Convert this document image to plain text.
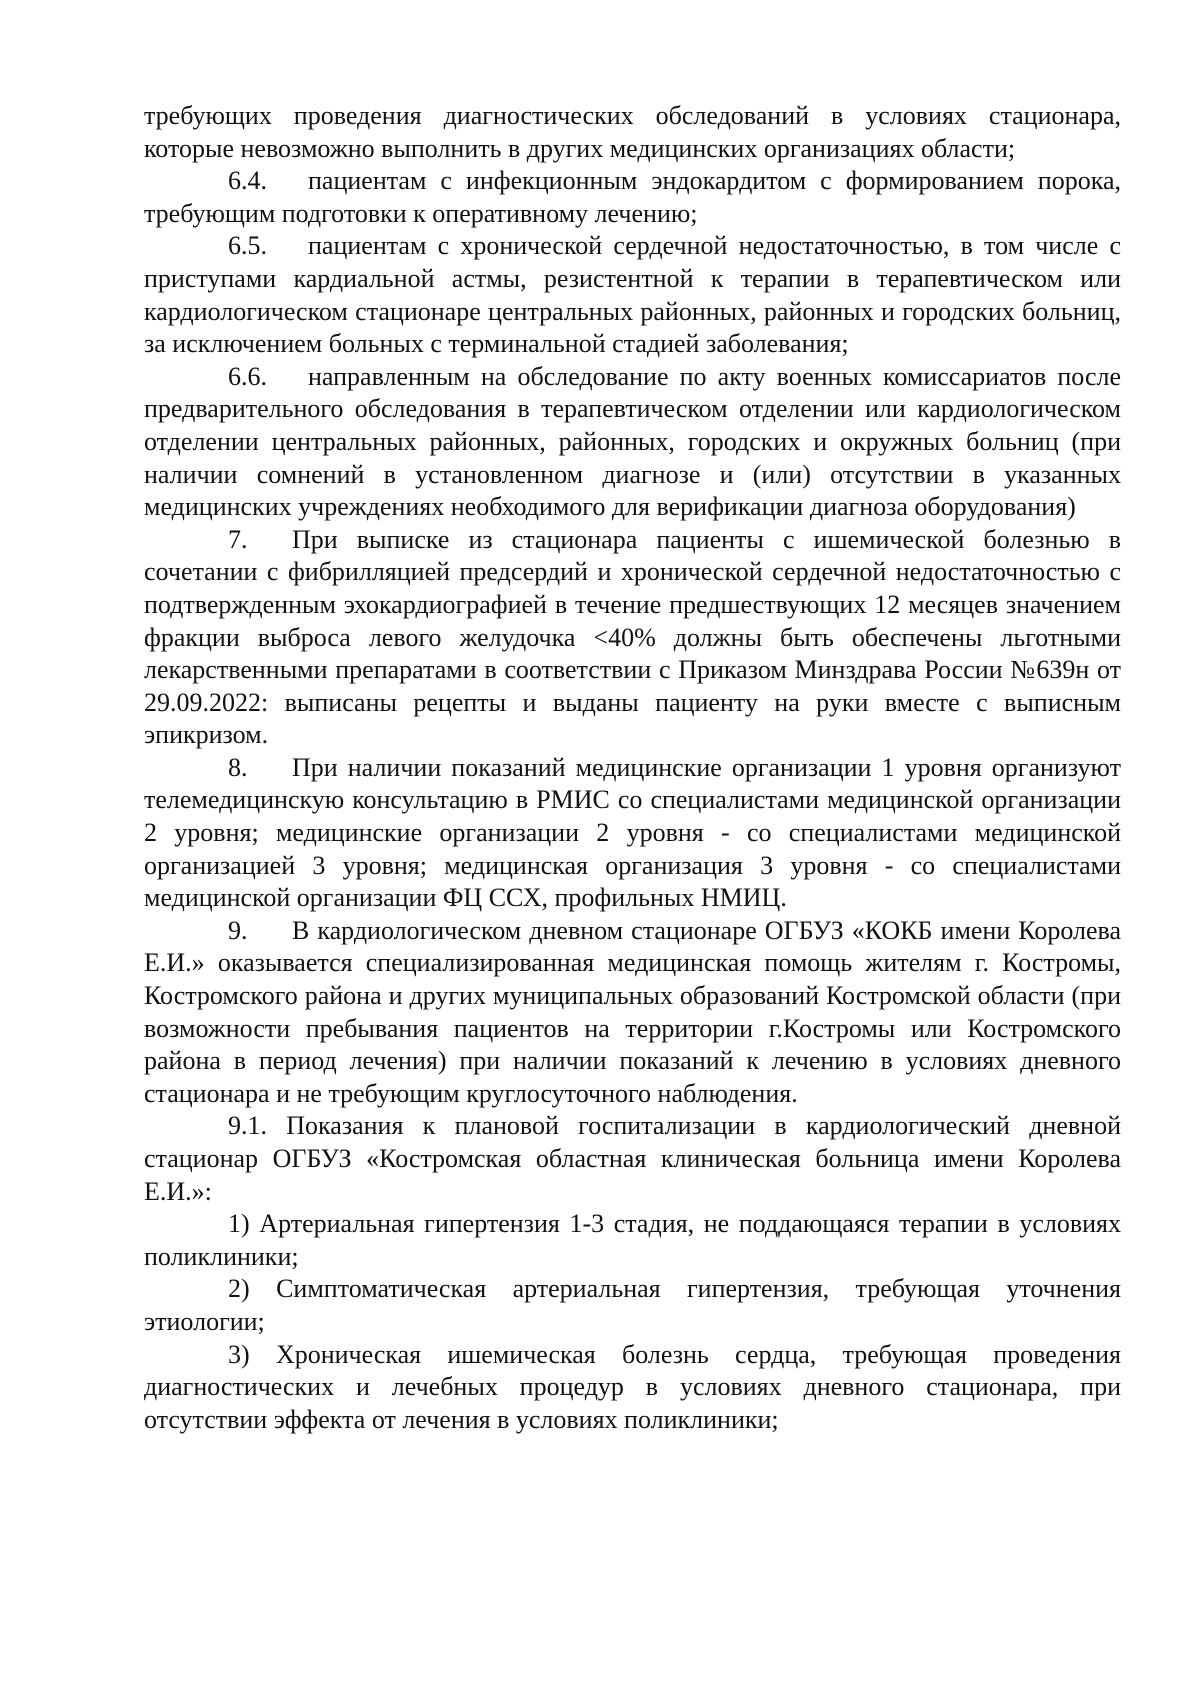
требующих проведения диагностических обследований в условиях стационара, которые невозможно выполнить в других медицинских организациях области;

6.4. пациентам с инфекционным эндокардитом с формированием порока, требующим подготовки к оперативному лечению;

6.5. пациентам с хронической сердечной недостаточностью, в том числе с приступами кардиальной астмы, резистентной к терапии в терапевтическом или кардиологическом стационаре центральных районных, районных и городских больниц, за исключением больных с терминальной стадией заболевания;

6.6. направленным на обследование по акту военных комиссариатов после предварительного обследования в терапевтическом отделении или кардиологическом отделении центральных районных, районных, городских и окружных больниц (при наличии сомнений в установленном диагнозе и (или) отсутствии в указанных медицинских учреждениях необходимого для верификации диагноза оборудования)

7. При выписке из стационара пациенты с ишемической болезнью в сочетании с фибрилляцией предсердий и хронической сердечной недостаточностью с подтвержденным эхокардиографией в течение предшествующих 12 месяцев значением фракции выброса левого желудочка <40% должны быть обеспечены льготными лекарственными препаратами в соответствии с Приказом Минздрава России №639н от 29.09.2022: выписаны рецепты и выданы пациенту на руки вместе с выписным эпикризом.

8. При наличии показаний медицинские организации 1 уровня организуют телемедицинскую консультацию в РМИС со специалистами медицинской организации 2 уровня; медицинские организации 2 уровня - со специалистами медицинской организацией 3 уровня; медицинская организация 3 уровня - со специалистами медицинской организации ФЦ ССХ, профильных НМИЦ.

9. В кардиологическом дневном стационаре ОГБУЗ «КОКБ имени Королева Е.И.» оказывается специализированная медицинская помощь жителям г. Костромы, Костромского района и других муниципальных образований Костромской области (при возможности пребывания пациентов на территории г.Костромы или Костромского района в период лечения) при наличии показаний к лечению в условиях дневного стационара и не требующим круглосуточного наблюдения.

9.1. Показания к плановой госпитализации в кардиологический дневной стационар ОГБУЗ «Костромская областная клиническая больница имени Королева Е.И.»:

1) Артериальная гипертензия 1-3 стадия, не поддающаяся терапии в условиях поликлиники;

2) Симптоматическая артериальная гипертензия, требующая уточнения этиологии;

3) Хроническая ишемическая болезнь сердца, требующая проведения диагностических и лечебных процедур в условиях дневного стационара, при отсутствии эффекта от лечения в условиях поликлиники;
